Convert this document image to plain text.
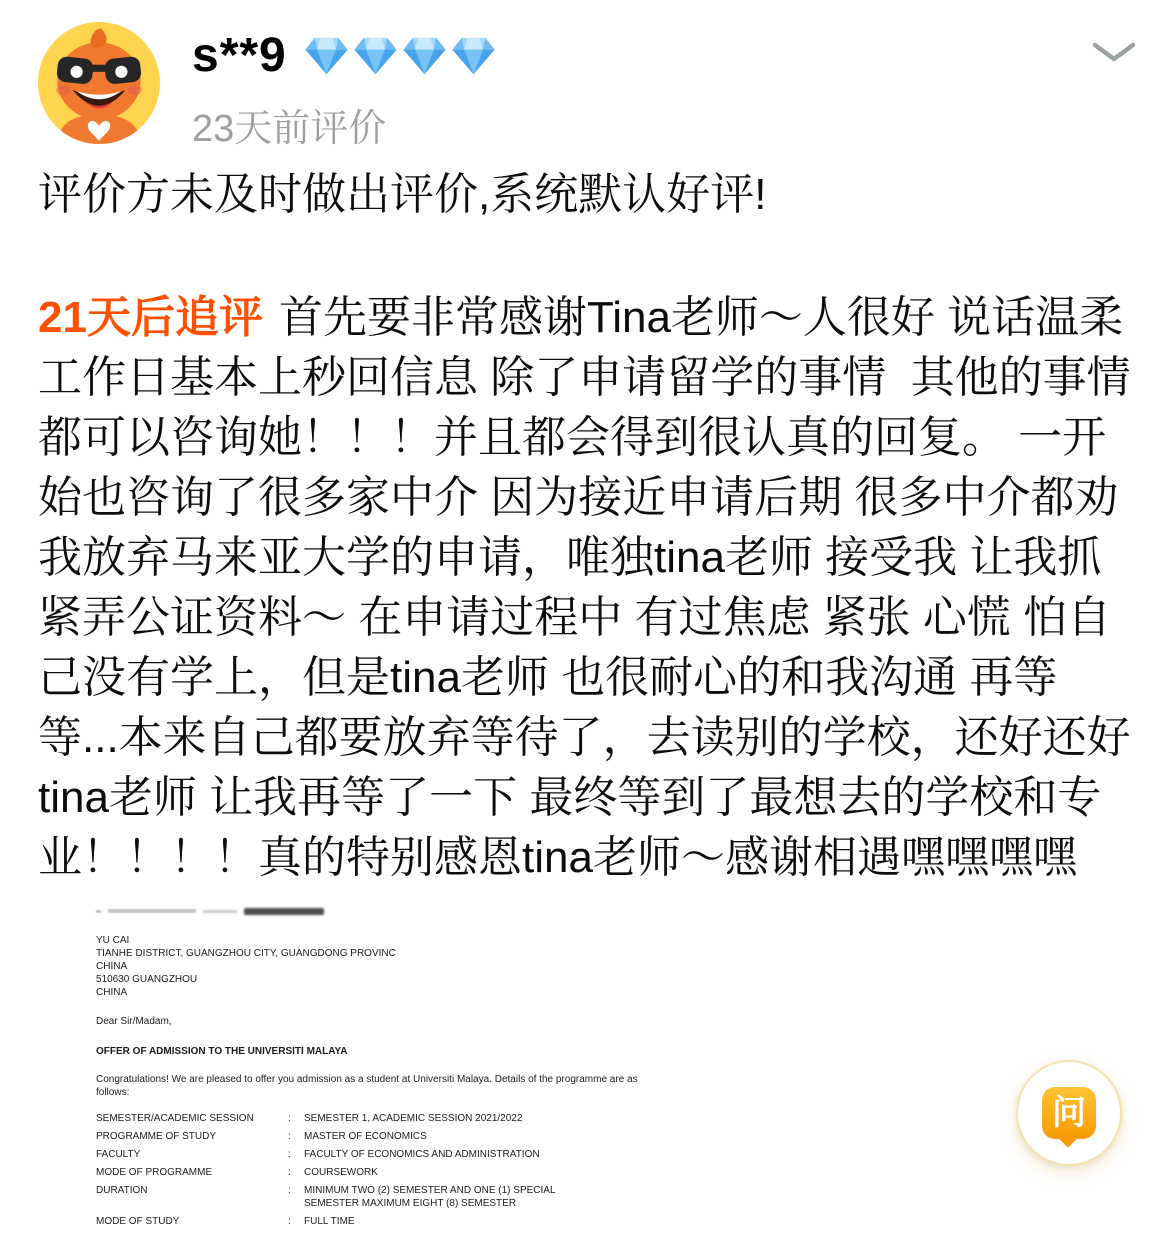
s**9
23天前评价

评价方未及时做出评价,系统默认好评!

21天后追评 首先要非常感谢Tina老师～人很好 说话温柔 工作日基本上秒回信息 除了申请留学的事情  其他的事情 都可以咨询她！！！并且都会得到很认真的回复。 一开始也咨询了很多家中介 因为接近申请后期 很多中介都劝我放弃马来亚大学的申请，唯独tina老师 接受我 让我抓紧弄公证资料～ 在申请过程中 有过焦虑 紧张 心慌 怕自己没有学上，但是tina老师 也很耐心的和我沟通 再等等...本来自己都要放弃等待了，去读别的学校，还好还好tina老师 让我再等了一下 最终等到了最想去的学校和专业！！！！真的特别感恩tina老师～感谢相遇嘿嘿嘿嘿

YU CAI
TIANHE DISTRICT, GUANGZHOU CITY, GUANGDONG PROVINC
CHINA
510630 GUANGZHOU
CHINA
Dear Sir/Madam,
OFFER OF ADMISSION TO THE UNIVERSITI MALAYA
Congratulations! We are pleased to offer you admission as a student at Universiti Malaya. Details of the programme are as follows:
SEMESTER/ACADEMIC SESSION	:	SEMESTER 1, ACADEMIC SESSION 2021/2022
PROGRAMME OF STUDY	:	MASTER OF ECONOMICS
FACULTY	:	FACULTY OF ECONOMICS AND ADMINISTRATION
MODE OF PROGRAMME	:	COURSEWORK
DURATION	:	MINIMUM TWO (2) SEMESTER AND ONE (1) SPECIAL SEMESTER MAXIMUM EIGHT (8) SEMESTER
MODE OF STUDY	:	FULL TIME
问
